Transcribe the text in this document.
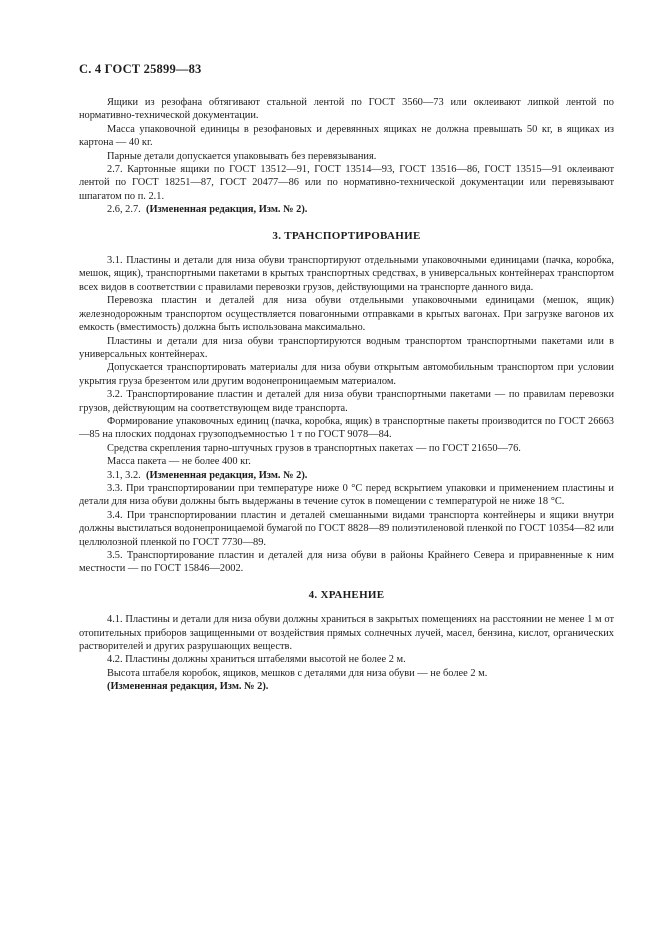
С. 4 ГОСТ 25899—83

Ящики из резофана обтягивают стальной лентой по ГОСТ 3560—73 или оклеивают липкой лентой по нормативно-технической документации.

Масса упаковочной единицы в резофановых и деревянных ящиках не должна превышать 50 кг, в ящиках из картона — 40 кг.

Парные детали допускается упаковывать без перевязывания.

2.7. Картонные ящики по ГОСТ 13512—91, ГОСТ 13514—93, ГОСТ 13516—86, ГОСТ 13515—91 оклеивают лентой по ГОСТ 18251—87, ГОСТ 20477—86 или по нормативно-технической документации или перевязывают шпагатом по п. 2.1.

2.6, 2.7. (Измененная редакция, Изм. № 2).

3. ТРАНСПОРТИРОВАНИЕ

3.1. Пластины и детали для низа обуви транспортируют отдельными упаковочными единицами (пачка, коробка, мешок, ящик), транспортными пакетами в крытых транспортных средствах, в универсальных контейнерах транспортом всех видов в соответствии с правилами перевозки грузов, действующими на транспорте данного вида.

Перевозка пластин и деталей для низа обуви отдельными упаковочными единицами (мешок, ящик) железнодорожным транспортом осуществляется повагонными отправками в крытых вагонах. При загрузке вагонов их емкость (вместимость) должна быть использована максимально.

Пластины и детали для низа обуви транспортируются водным транспортом транспортными пакетами или в универсальных контейнерах.

Допускается транспортировать материалы для низа обуви открытым автомобильным транспортом при условии укрытия груза брезентом или другим водонепроницаемым материалом.

3.2. Транспортирование пластин и деталей для низа обуви транспортными пакетами — по правилам перевозки грузов, действующим на соответствующем виде транспорта.

Формирование упаковочных единиц (пачка, коробка, ящик) в транспортные пакеты производится по ГОСТ 26663—85 на плоских поддонах грузоподъемностью 1 т по ГОСТ 9078—84.

Средства скрепления тарно-штучных грузов в транспортных пакетах — по ГОСТ 21650—76.

Масса пакета — не более 400 кг.

3.1, 3.2. (Измененная редакция, Изм. № 2).

3.3. При транспортировании при температуре ниже 0 °С перед вскрытием упаковки и применением пластины и детали для низа обуви должны быть выдержаны в течение суток в помещении с температурой не ниже 18 °С.

3.4. При транспортировании пластин и деталей смешанными видами транспорта контейнеры и ящики внутри должны выстилаться водонепроницаемой бумагой по ГОСТ 8828—89 полиэтиленовой пленкой по ГОСТ 10354—82 или целлюлозной пленкой по ГОСТ 7730—89.

3.5. Транспортирование пластин и деталей для низа обуви в районы Крайнего Севера и приравненные к ним местности — по ГОСТ 15846—2002.

4. ХРАНЕНИЕ

4.1. Пластины и детали для низа обуви должны храниться в закрытых помещениях на расстоянии не менее 1 м от отопительных приборов защищенными от воздействия прямых солнечных лучей, масел, бензина, кислот, органических растворителей и других разрушающих веществ.

4.2. Пластины должны храниться штабелями высотой не более 2 м.

Высота штабеля коробок, ящиков, мешков с деталями для низа обуви — не более 2 м.

(Измененная редакция, Изм. № 2).
